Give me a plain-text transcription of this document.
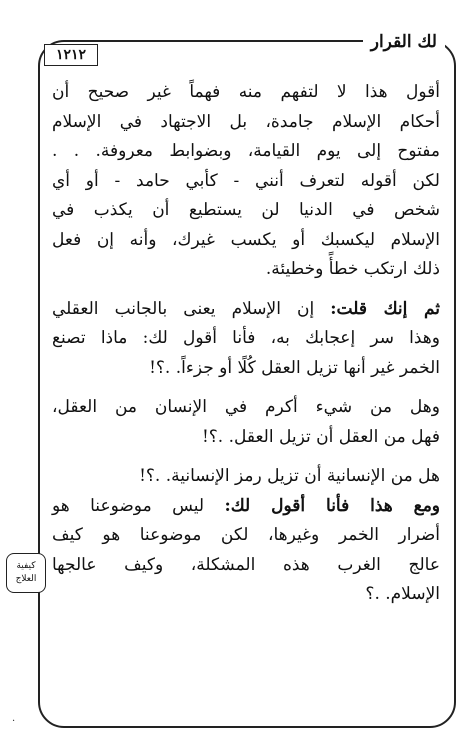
لك القرار
١٢١٢
كيفية
العلاج
أقول هذا لا لتفهم منه فهماً غير صحيح أن
أحكام الإسلام جامدة، بل الاجتهاد في الإسلام
مفتوح إلى يوم القيامة، وبضوابط معروفة. . .
لكن أقوله لتعرف أنني - كأبي حامد - أو أي
شخص في الدنيا لن يستطيع أن يكذب في
الإسلام ليكسبك أو يكسب غيرك، وأنه إن فعل
ذلك ارتكب خطأً وخطيئة.
ثم إنك قلت: إن الإسلام يعنى بالجانب العقلي
وهذا سر إعجابك به، فأنا أقول لك: ماذا تصنع
الخمر غير أنها تزيل العقل كُلًا أو جزءاً. .؟!
وهل من شيء أكرم في الإنسان من العقل،
فهل من العقل أن تزيل العقل. .؟!
هل من الإنسانية أن تزيل رمز الإنسانية. .؟!
ومع هذا فأنا أقول لك: ليس موضوعنا هو
أضرار الخمر وغيرها، لكن موضوعنا هو كيف
عالج الغرب هذه المشكلة، وكيف عالجها
الإسلام. .؟
·
